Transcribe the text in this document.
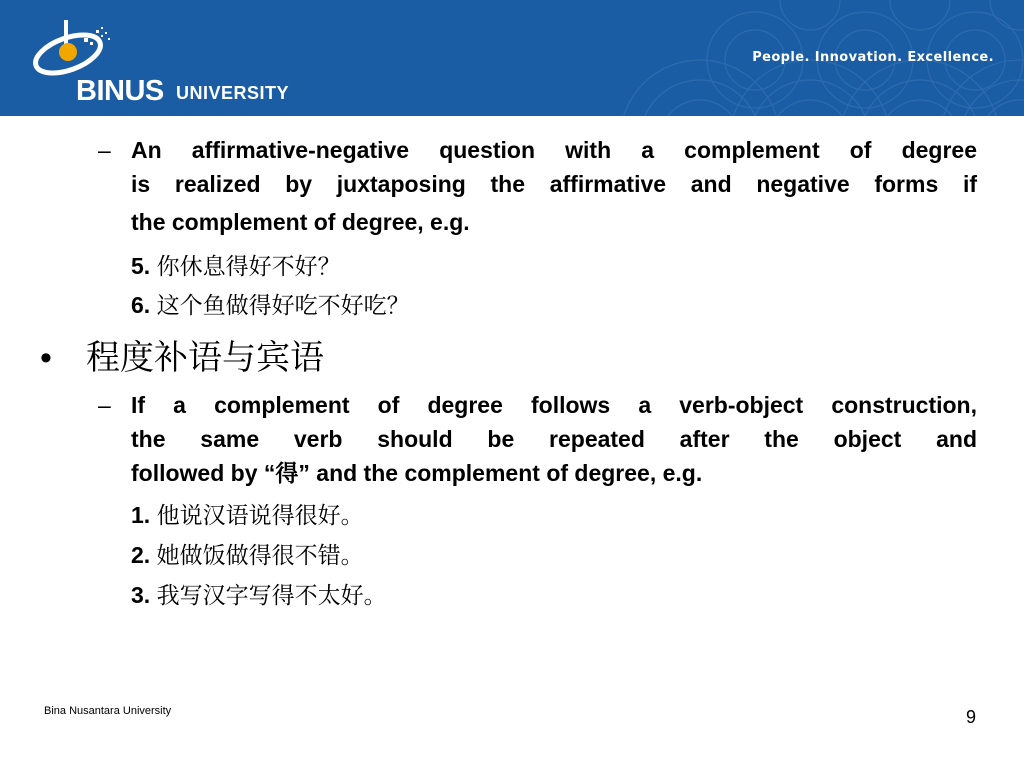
BINUS UNIVERSITY
People. Innovation. Excellence.
– An affirmative-negative question with a complement of degree
is realized by juxtaposing the affirmative and negative forms if
the complement of degree, e.g.
5. 你休息得好不好？
6. 这个鱼做得好吃不好吃？
• 程度补语与宾语
– If a complement of degree follows a verb-object construction,
the same verb should be repeated after the object and
followed by “得” and the complement of degree, e.g.
1. 他说汉语说得很好。
2. 她做饭做得很不错。
3. 我写汉字写得不太好。
Bina Nusantara University	9
